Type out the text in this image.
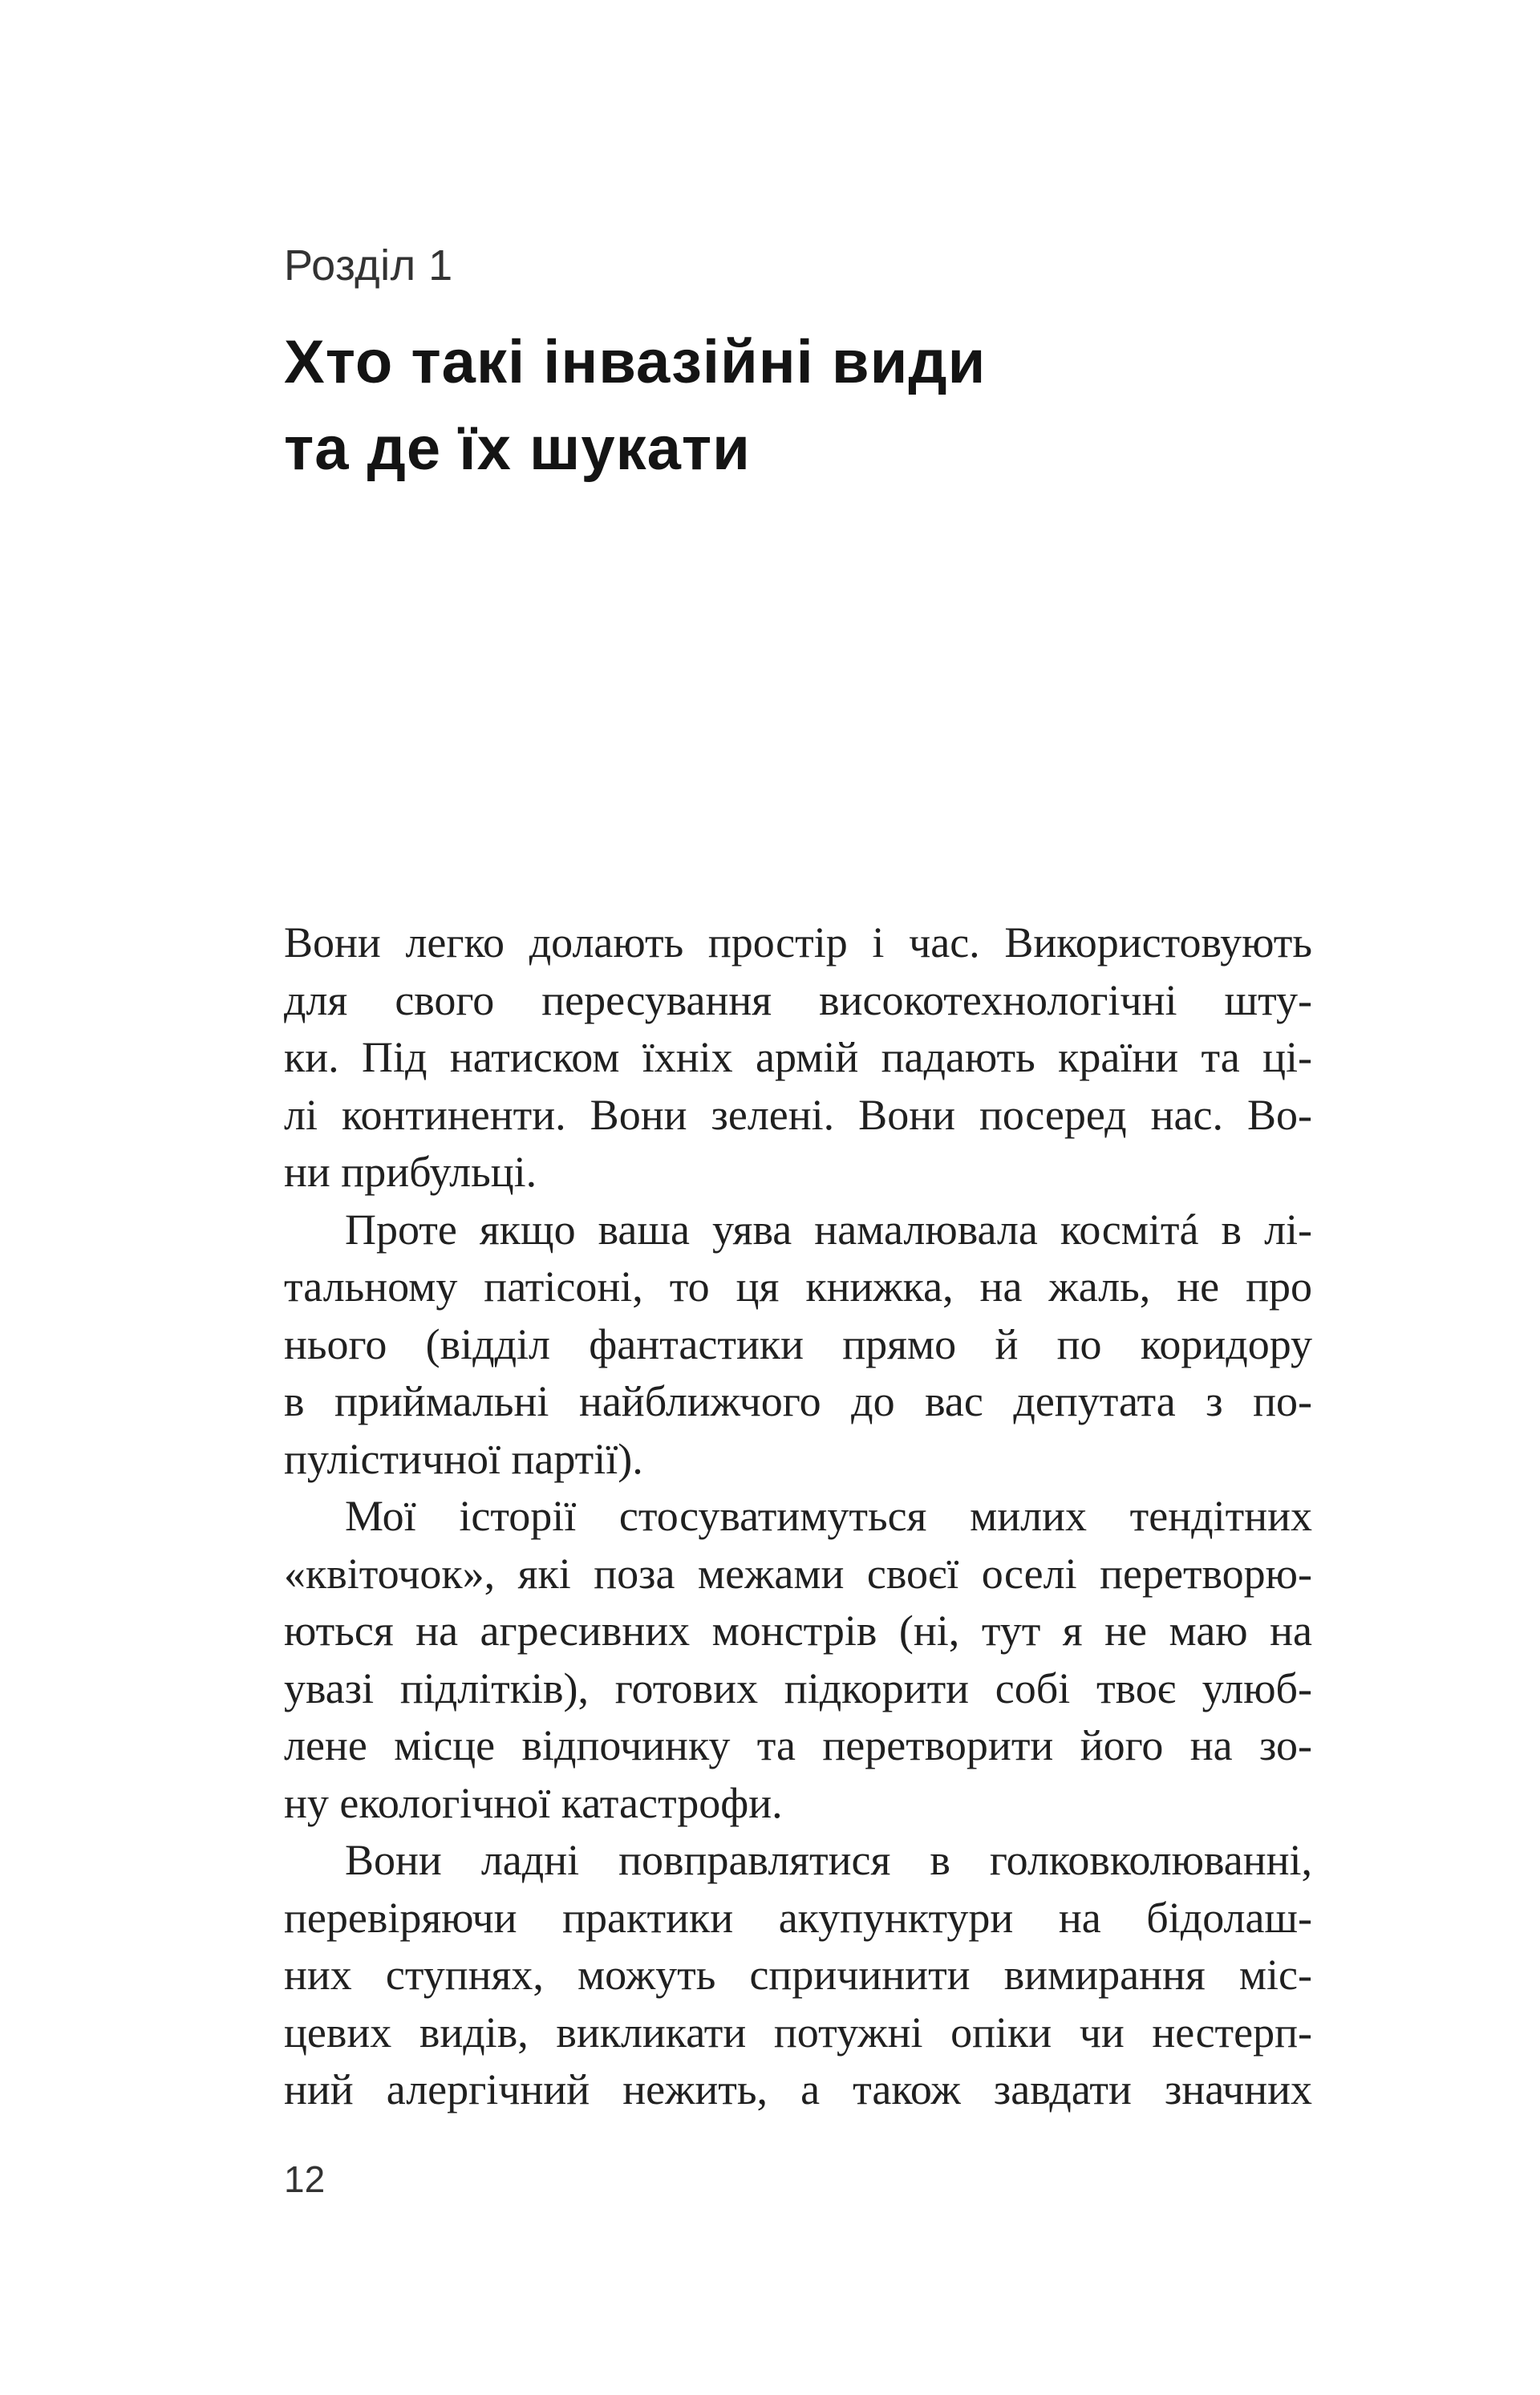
Розділ 1
Хто такі інвазійні види
та де їх шукати
Вони легко долають простір і час. Використовують
для свого пересування високотехнологічні шту-
ки. Під натиском їхніх армій падають країни та ці-
лі континенти. Вони зелені. Вони посеред нас. Во-
ни прибульці.
Проте якщо ваша уява намалювала космітá в лі-
тальному патісоні, то ця книжка, на жаль, не про
нього (відділ фантастики прямо й по коридору
в приймальні найближчого до вас депутата з по-
пулістичної партії).
Мої історії стосуватимуться милих тендітних
«квіточок», які поза межами своєї оселі перетворю-
ються на агресивних монстрів (ні, тут я не маю на
увазі підлітків), готових підкорити собі твоє улюб-
лене місце відпочинку та перетворити його на зо-
ну екологічної катастрофи.
Вони ладні повправлятися в голковколюванні,
перевіряючи практики акупунктури на бідолаш-
них ступнях, можуть спричинити вимирання міс-
цевих видів, викликати потужні опіки чи нестерп-
ний алергічний нежить, а також завдати значних
12
